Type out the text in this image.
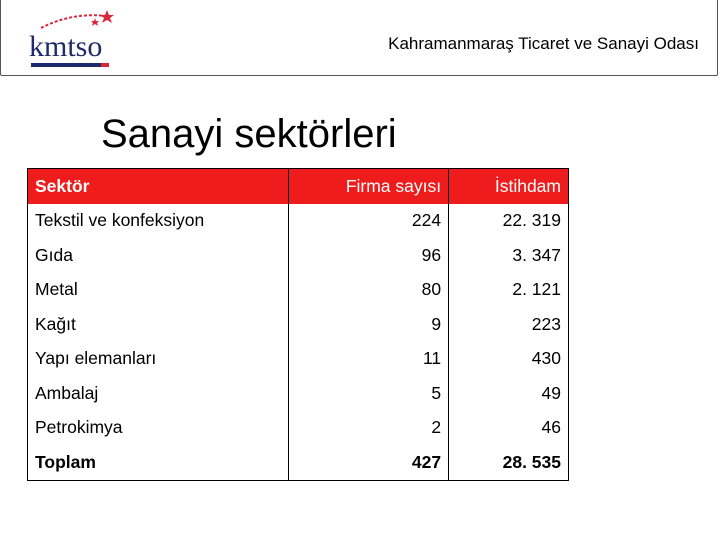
kmtso	Kahramanmaraş Ticaret ve Sanayi Odası
Sanayi sektörleri
Sektör	Firma sayısı	İstihdam
Tekstil ve konfeksiyon	224	22. 319
Gıda	96	3. 347
Metal	80	2. 121
Kağıt	9	223
Yapı elemanları	11	430
Ambalaj	5	49
Petrokimya	2	46
Toplam	427	28. 535
